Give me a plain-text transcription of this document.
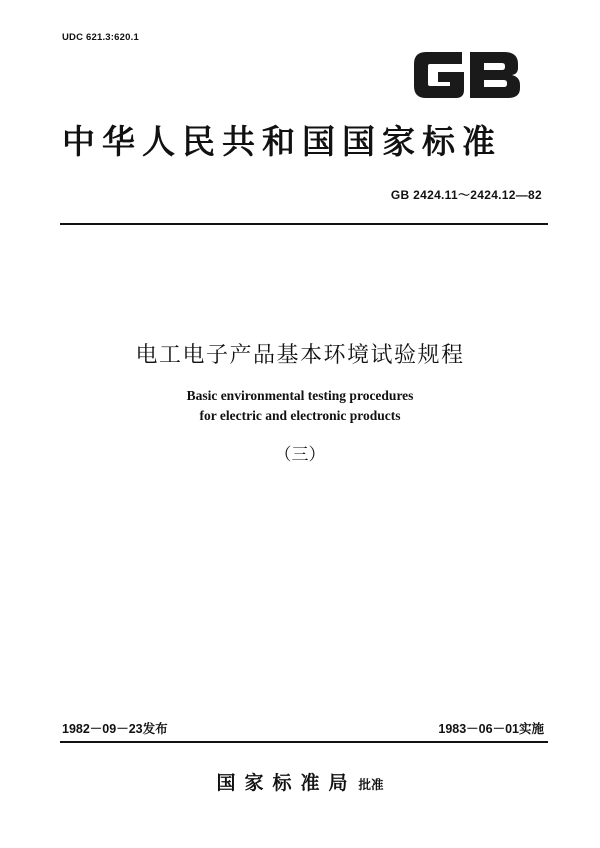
UDC 621.3:620.1
中华人民共和国国家标准
GB 2424.11～2424.12—82
电工电子产品基本环境试验规程
Basic environmental testing procedures
for electric and electronic products
（三）
1982－09－23发布	1983－06－01实施
国家标准局 批准
